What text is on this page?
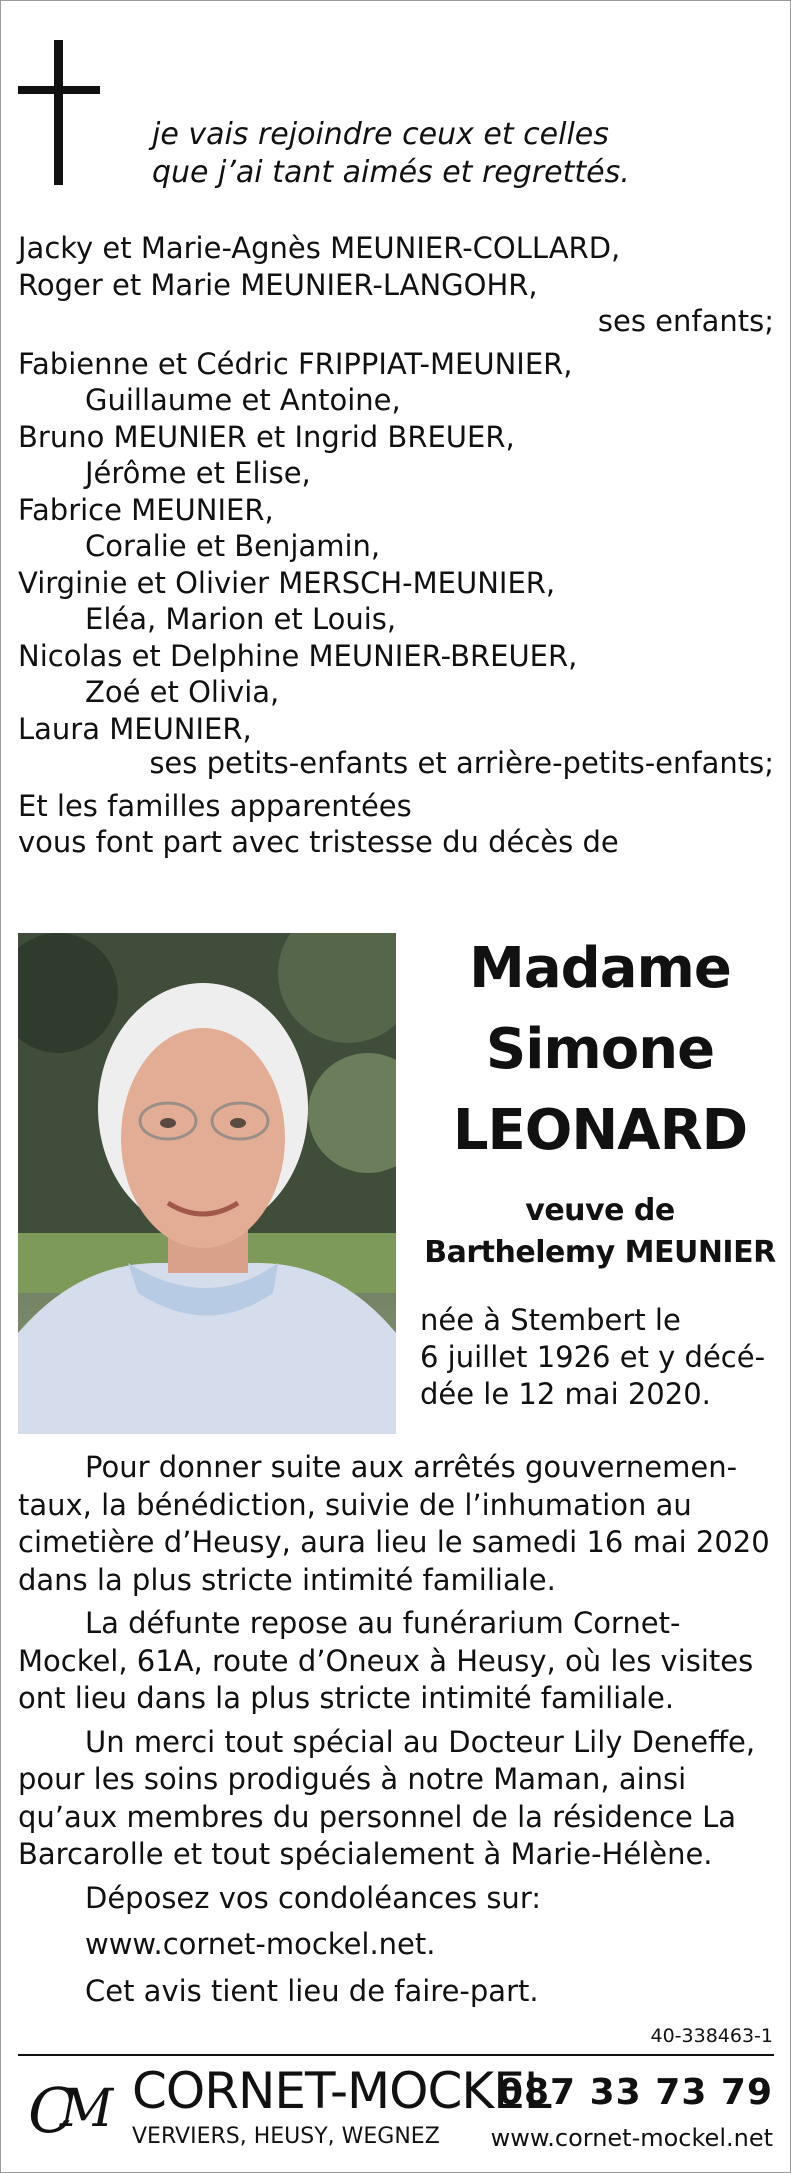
je vais rejoindre ceux et celles
que j’ai tant aimés et regrettés.
Jacky et Marie-Agnès MEUNIER-COLLARD,
Roger et Marie MEUNIER-LANGOHR,
ses enfants;
Fabienne et Cédric FRIPPIAT-MEUNIER,
Guillaume et Antoine,
Bruno MEUNIER et Ingrid BREUER,
Jérôme et Elise,
Fabrice MEUNIER,
Coralie et Benjamin,
Virginie et Olivier MERSCH-MEUNIER,
Eléa, Marion et Louis,
Nicolas et Delphine MEUNIER-BREUER,
Zoé et Olivia,
Laura MEUNIER,
ses petits-enfants et arrière-petits-enfants;
Et les familles apparentées
vous font part avec tristesse du décès de
Madame
Simone
LEONARD
veuve de
Barthelemy MEUNIER
née à Stembert le
6 juillet 1926 et y décé-
dée le 12 mai 2020.
Pour donner suite aux arrêtés gouvernemen-
taux, la bénédiction, suivie de l’inhumation au
cimetière d’Heusy, aura lieu le samedi 16 mai 2020
dans la plus stricte intimité familiale.
La défunte repose au funérarium Cornet-
Mockel, 61A, route d’Oneux à Heusy, où les visites
ont lieu dans la plus stricte intimité familiale.
Un merci tout spécial au Docteur Lily Deneffe,
pour les soins prodigués à notre Maman, ainsi
qu’aux membres du personnel de la résidence La
Barcarolle et tout spécialement à Marie-Hélène.
Déposez vos condoléances sur:
www.cornet-mockel.net.
Cet avis tient lieu de faire-part.
40-338463-1
C
M CORNET-MOCKEL
087 33 73 79
VERVIERS, HEUSY, WEGNEZ www.cornet-mockel.net
